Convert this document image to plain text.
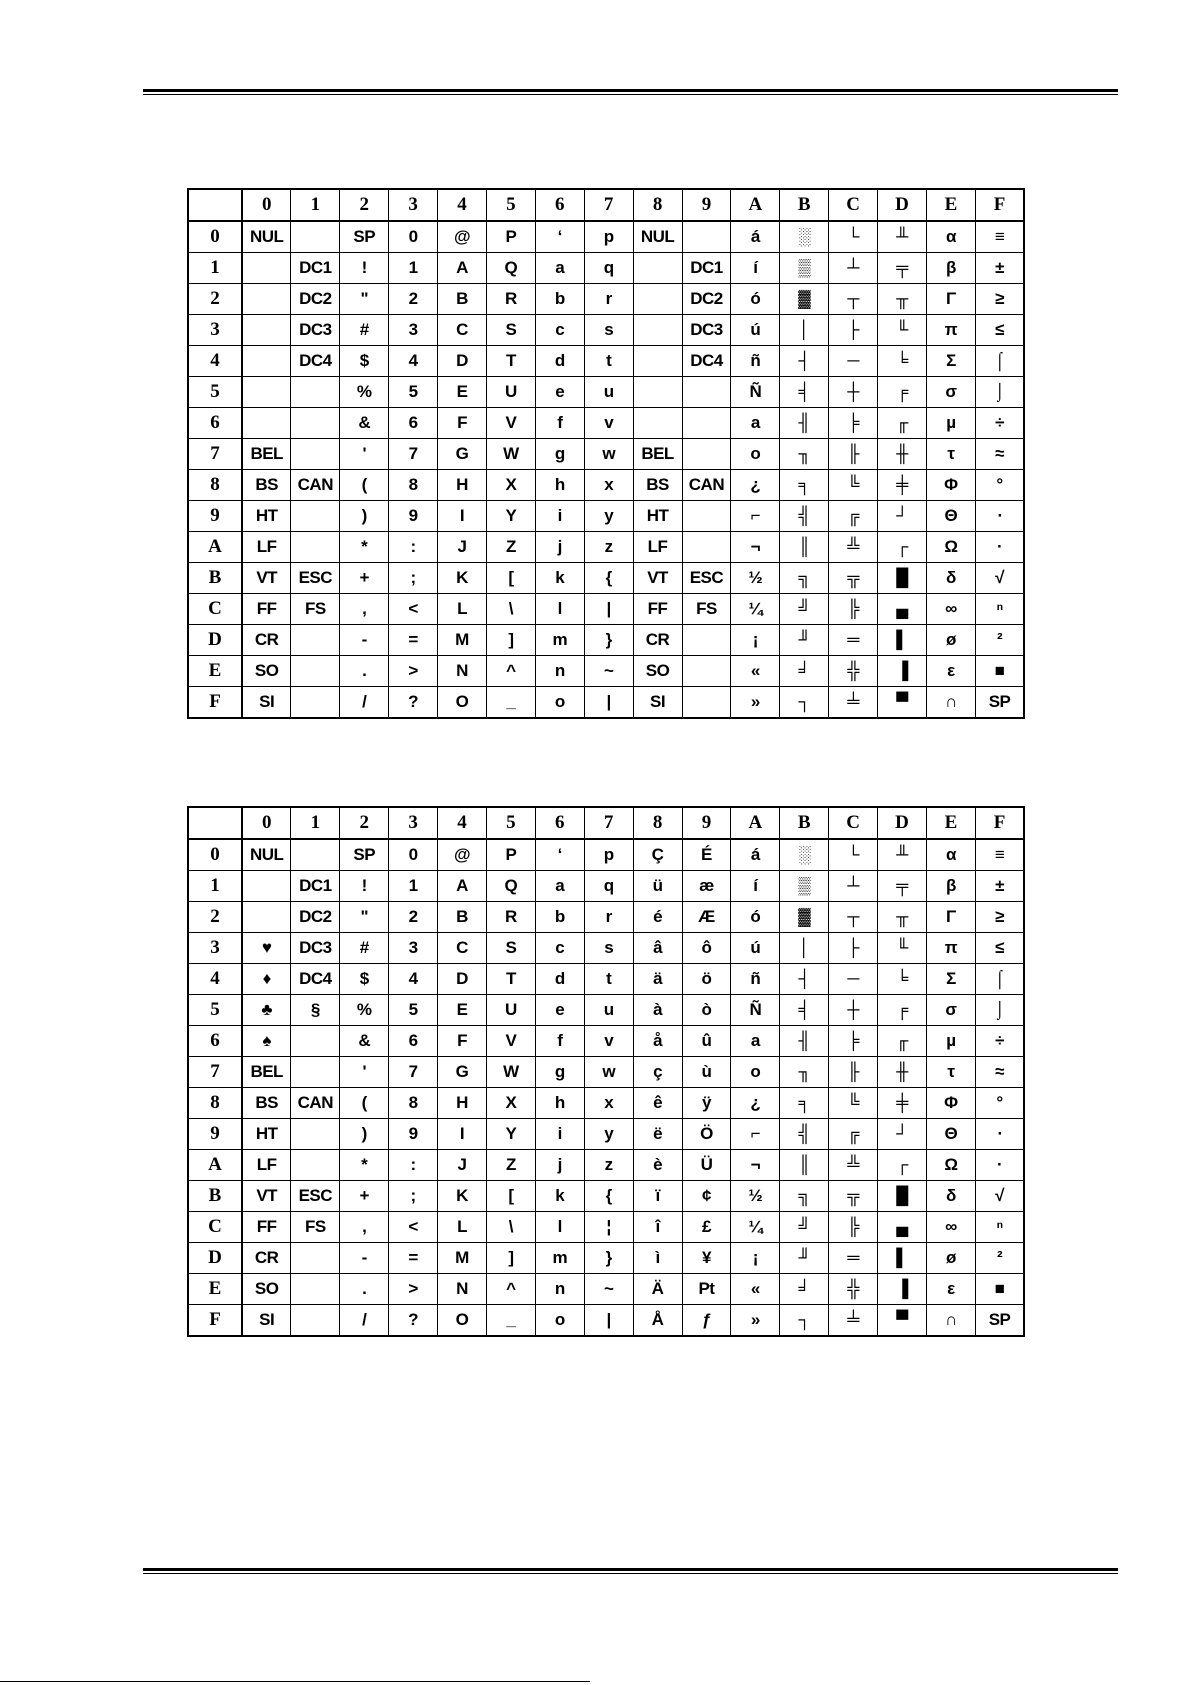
	0	1	2	3	4	5	6	7	8	9	A	B	C	D	E	F
0	NUL		SP	0	@	P	‘	p	NUL		á	░	└	╨	α	≡
1		DC1	!	1	A	Q	a	q		DC1	í	▒	┴	╤	β	±
2		DC2	"	2	B	R	b	r		DC2	ó	▓	┬	╥	Γ	≥
3		DC3	#	3	C	S	c	s		DC3	ú	│	├	╙	π	≤
4		DC4	$	4	D	T	d	t		DC4	ñ	┤	─	╘	Σ	⌠
5			%	5	E	U	e	u			Ñ	╡	┼	╒	σ	⌡
6			&	6	F	V	f	v			a	╢	╞	╓	µ	÷
7	BEL		'	7	G	W	g	w	BEL		o	╖	╟	╫	τ	≈
8	BS	CAN	(	8	H	X	h	x	BS	CAN	¿	╕	╚	╪	Φ	°
9	HT		)	9	I	Y	i	y	HT		⌐	╣	╔	┘	Θ	∙
A	LF		*	:	J	Z	j	z	LF		¬	║	╩	┌	Ω	·
B	VT	ESC	+	;	K	[	k	{	VT	ESC	½	╗	╦	█	δ	√
C	FF	FS	,	<	L	\	l	|	FF	FS	¼	╝	╠	▄	∞	ⁿ
D	CR		-	=	M	]	m	}	CR		¡	╜	═	▌	ø	²
E	SO		.	>	N	^	n	~	SO		«	╛	╬	▐	ε	■
F	SI		/	?	O	_	o	|	SI		»	┐	╧	▀	∩	SP
	0	1	2	3	4	5	6	7	8	9	A	B	C	D	E	F
0	NUL		SP	0	@	P	‘	p	Ç	É	á	░	└	╨	α	≡
1		DC1	!	1	A	Q	a	q	ü	æ	í	▒	┴	╤	β	±
2		DC2	"	2	B	R	b	r	é	Æ	ó	▓	┬	╥	Γ	≥
3	♥	DC3	#	3	C	S	c	s	â	ô	ú	│	├	╙	π	≤
4	♦	DC4	$	4	D	T	d	t	ä	ö	ñ	┤	─	╘	Σ	⌠
5	♣	§	%	5	E	U	e	u	à	ò	Ñ	╡	┼	╒	σ	⌡
6	♠		&	6	F	V	f	v	å	û	a	╢	╞	╓	µ	÷
7	BEL		'	7	G	W	g	w	ç	ù	o	╖	╟	╫	τ	≈
8	BS	CAN	(	8	H	X	h	x	ê	ÿ	¿	╕	╚	╪	Φ	°
9	HT		)	9	I	Y	i	y	ë	Ö	⌐	╣	╔	┘	Θ	∙
A	LF		*	:	J	Z	j	z	è	Ü	¬	║	╩	┌	Ω	·
B	VT	ESC	+	;	K	[	k	{	ï	¢	½	╗	╦	█	δ	√
C	FF	FS	,	<	L	\	l	¦	î	£	¼	╝	╠	▄	∞	ⁿ
D	CR		-	=	M	]	m	}	ì	¥	¡	╜	═	▌	ø	²
E	SO		.	>	N	^	n	~	Ä	Pt	«	╛	╬	▐	ε	■
F	SI		/	?	O	_	o	|	Å	ƒ	»	┐	╧	▀	∩	SP
